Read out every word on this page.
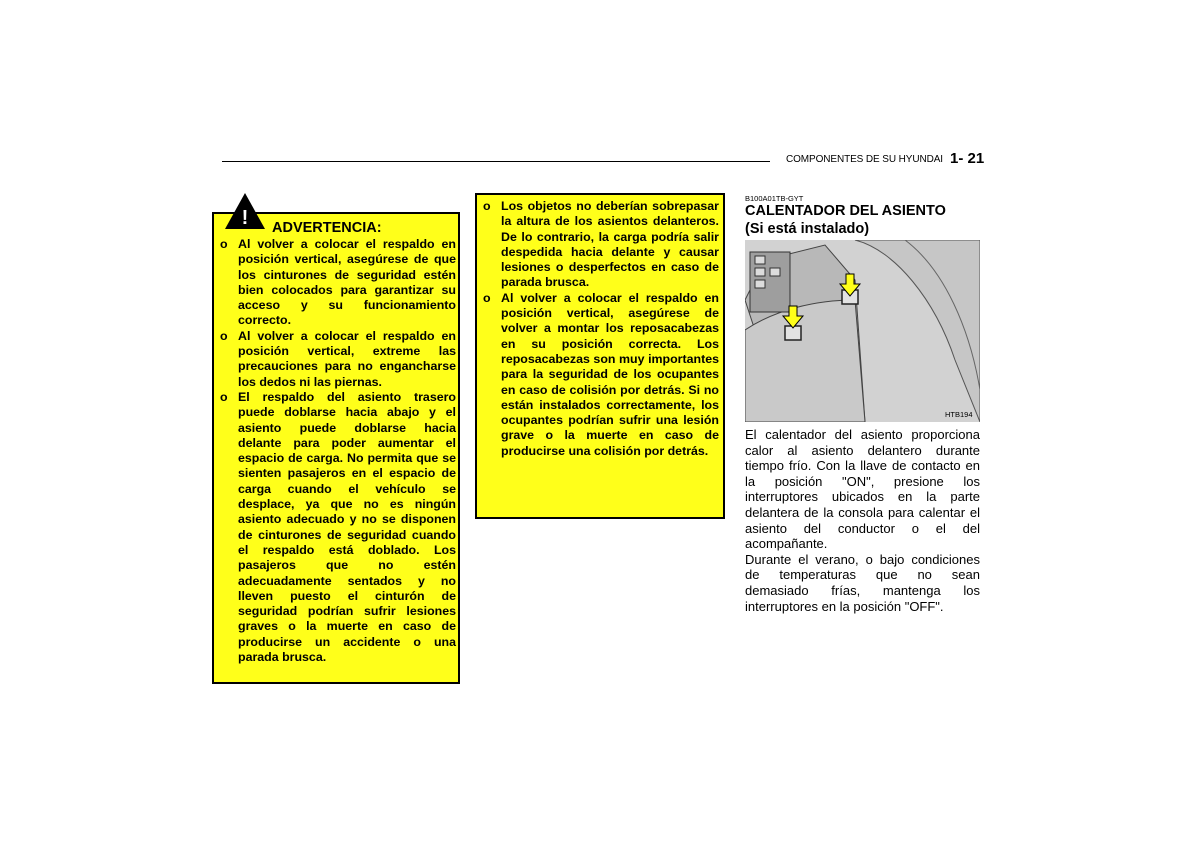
COMPONENTES DE SU HYUNDAI 1- 21
! ADVERTENCIA:
o Al volver a colocar el respaldo en posición vertical, asegúrese de que los cinturones de seguridad estén bien colocados para garantizar su acceso y su funcionamiento correcto.
o Al volver a colocar el respaldo en posición vertical, extreme las precauciones para no engancharse los dedos ni las piernas.
o El respaldo del asiento trasero puede doblarse hacia abajo y el asiento puede doblarse hacia delante para poder aumentar el espacio de carga. No permita que se sienten pasajeros en el espacio de carga cuando el vehículo se desplace, ya que no es ningún asiento adecuado y no se disponen de cinturones de seguridad cuando el respaldo está doblado. Los pasajeros que no estén adecuadamente sentados y no lleven puesto el cinturón de seguridad podrían sufrir lesiones graves o la muerte en caso de producirse un accidente o una parada brusca.
o Los objetos no deberían sobrepasar la altura de los asientos delanteros. De lo contrario, la carga podría salir despedida hacia delante y causar lesiones o desperfectos en caso de parada brusca.
o Al volver a colocar el respaldo en posición vertical, asegúrese de volver a montar los reposacabezas en su posición correcta. Los reposacabezas son muy importantes para la seguridad de los ocupantes en caso de colisión por detrás. Si no están instalados correctamente, los ocupantes podrían sufrir una lesión grave o la muerte en caso de producirse una colisión por detrás.
B100A01TB-GYT
CALENTADOR DEL ASIENTO
(Si está instalado)
HTB194

El calentador del asiento proporciona calor al asiento delantero durante tiempo frío. Con la llave de contacto en la posición "ON", presione los interruptores ubicados en la parte delantera de la consola para calentar el asiento del conductor o el del acompañante.

Durante el verano, o bajo condiciones de temperaturas que no sean demasiado frías, mantenga los interruptores en la posición "OFF".
